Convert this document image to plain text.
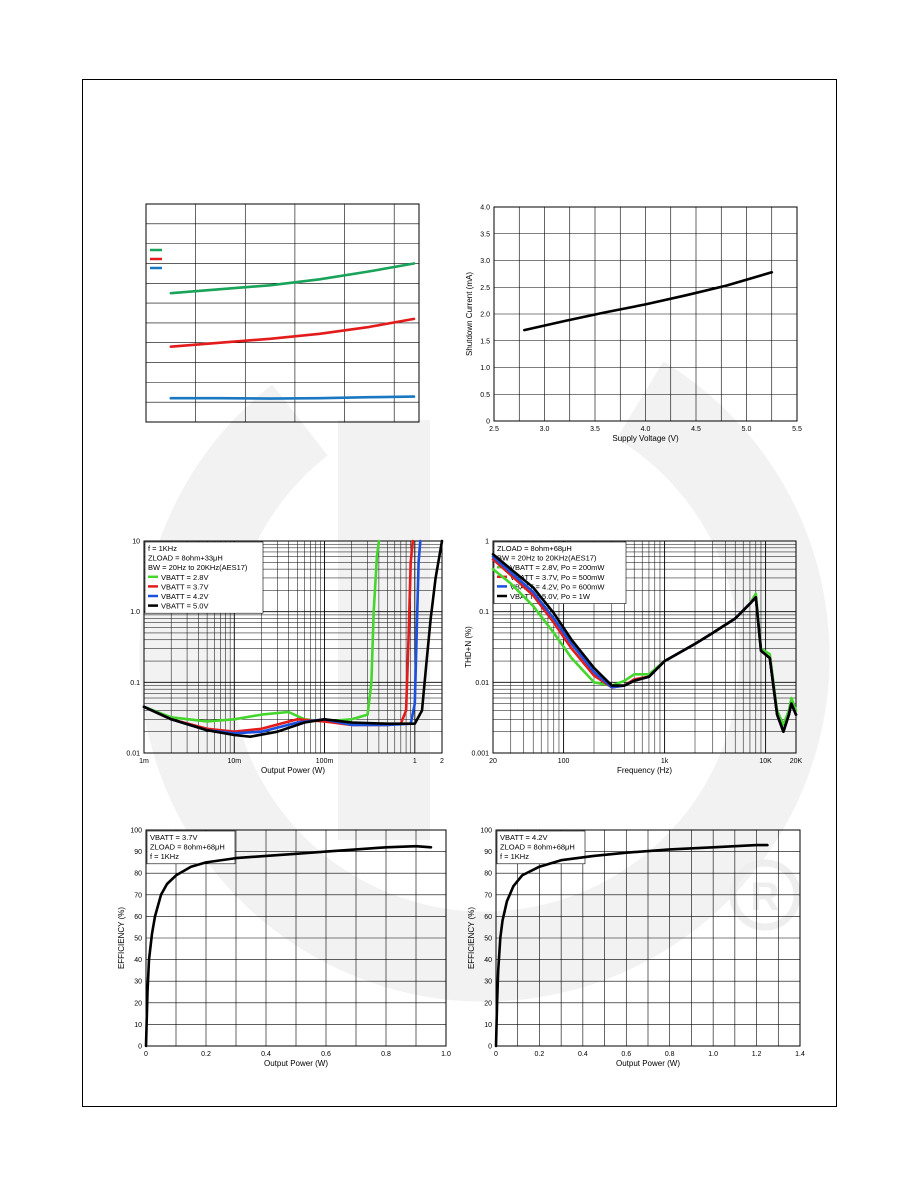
R
2.5	3.0	3.5	4.0	4.5	5.0	5.5
0
0.5
1.0
1.5
2.0
2.5
3.0
3.5
4.0
Supply Voltage (V)
Shutdown Current (mA)
f = 1KHz
ZLOAD = 8ohm+33μH
BW = 20Hz to 20KHz(AES17)
VBATT = 2.8V
VBATT = 3.7V
VBATT = 4.2V
VBATT = 5.0V
1m	10m	100m	1	2
0.01
0.1
1.0
10
Output Power (W)
ZLOAD = 8ohm+68μH
BW = 20Hz to 20KHz(AES17)
VBATT = 2.8V, Po = 200mW
VBATT = 3.7V, Po = 500mW
VBATT = 4.2V, Po = 600mW
VBATT = 5.0V, Po = 1W
20	100	1k	10K	20K
0.001
0.01
0.1
1
Frequency (Hz)
THD+N (%)
VBATT = 3.7V
ZLOAD = 8ohm+68μH
f = 1KHz
0	0.2	0.4	0.6	0.8	1.0
0
10
20
30
40
50
60
70
80
90
100
Output Power (W)
EFFICIENCY (%)
VBATT = 4.2V
ZLOAD = 8ohm+68μH
f = 1KHz
0	0.2	0.4	0.6	0.8	1.0	1.2	1.4
0
10
20
30
40
50
60
70
80
90
100
Output Power (W)
EFFICIENCY (%)
